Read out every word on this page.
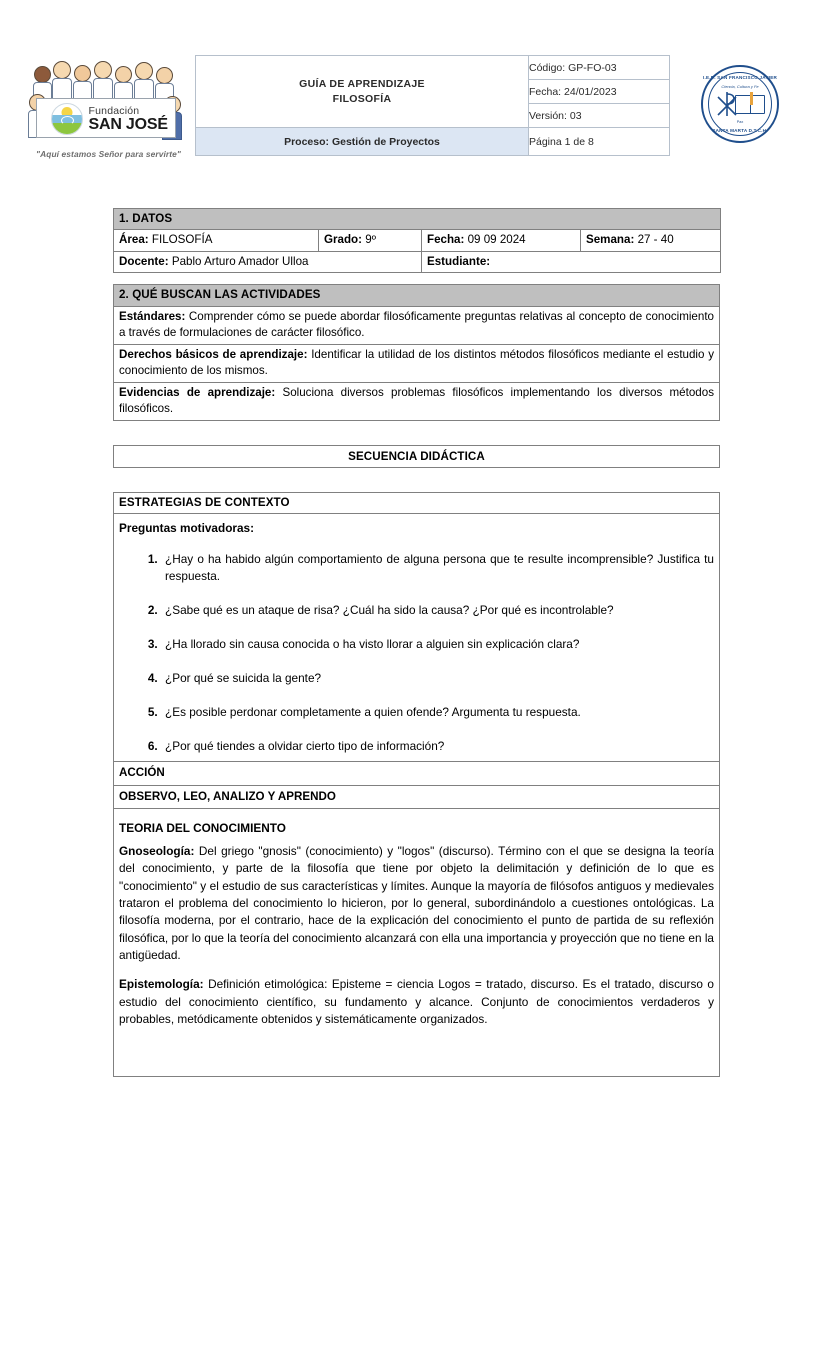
Fundación
SAN JOSÉ
"Aquí estamos Señor para servirte"
GUÍA DE APRENDIZAJE
FILOSOFÍA	Código: GP-FO-03
	Fecha: 24/01/2023
	Versión: 03
Proceso: Gestión de Proyectos	Página 1 de 8
I.E.D. SAN FRANCISCO JAVIER
Ciencia, Cultura y Fe
Pax
SANTA MARTA D.T.C.H.
1. DATOS			
Área: FILOSOFÍA	Grado: 9º	Fecha: 09 09 2024	Semana: 27 - 40
Docente: Pablo Arturo Amador Ulloa		Estudiante:	
2. QUÉ BUSCAN LAS ACTIVIDADES
Estándares: Comprender cómo se puede abordar filosóficamente preguntas relativas al concepto de conocimiento a través de formulaciones de carácter filosófico.
Derechos básicos de aprendizaje: Identificar la utilidad de los distintos métodos filosóficos mediante el estudio y conocimiento de los mismos.
Evidencias de aprendizaje: Soluciona diversos problemas filosóficos implementando los diversos métodos filosóficos.
SECUENCIA DIDÁCTICA
ESTRATEGIAS DE CONTEXTO

Preguntas motivadoras:
1. ¿Hay o ha habido algún comportamiento de alguna persona que te resulte incomprensible? Justifica tu respuesta.
2. ¿Sabe qué es un ataque de risa? ¿Cuál ha sido la causa? ¿Por qué es incontrolable?
3. ¿Ha llorado sin causa conocida o ha visto llorar a alguien sin explicación clara?
4. ¿Por qué se suicida la gente?
5. ¿Es posible perdonar completamente a quien ofende? Argumenta tu respuesta.
6. ¿Por qué tiendes a olvidar cierto tipo de información?

ACCIÓN
OBSERVO, LEO, ANALIZO Y APRENDO

TEORIA DEL CONOCIMIENTO

Gnoseología: Del griego "gnosis" (conocimiento) y "logos" (discurso). Término con el que se designa la teoría del conocimiento, y parte de la filosofía que tiene por objeto la delimitación y definición de lo que es "conocimiento" y el estudio de sus características y límites. Aunque la mayoría de filósofos antiguos y medievales trataron el problema del conocimiento lo hicieron, por lo general, subordinándolo a cuestiones ontológicas. La filosofía moderna, por el contrario, hace de la explicación del conocimiento el punto de partida de su reflexión filosófica, por lo que la teoría del conocimiento alcanzará con ella una importancia y proyección que no tiene en la antigüedad.

Epistemología: Definición etimológica: Episteme = ciencia Logos = tratado, discurso. Es el tratado, discurso o estudio del conocimiento científico, su fundamento y alcance. Conjunto de conocimientos verdaderos y probables, metódicamente obtenidos y sistemáticamente organizados.
